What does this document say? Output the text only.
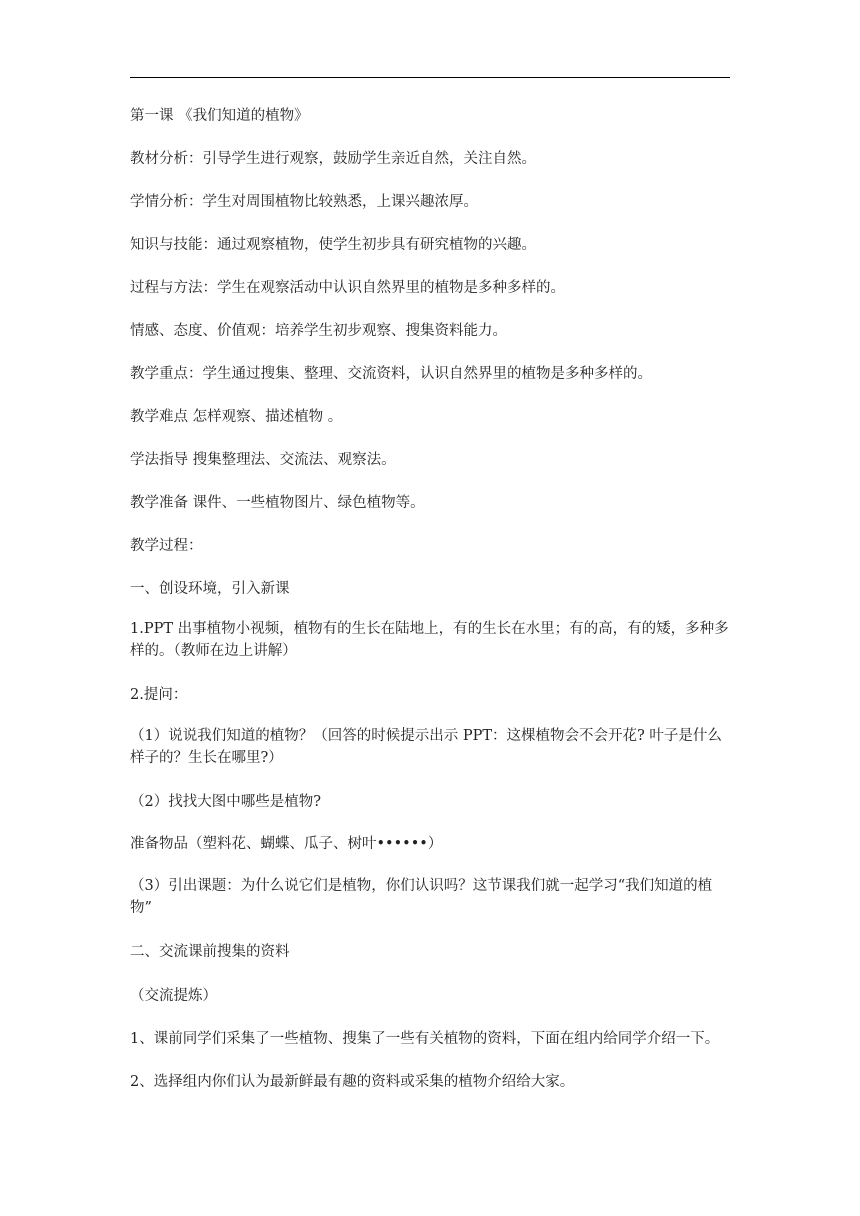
第一课 《我们知道的植物》
教材分析：引导学生进行观察，鼓励学生亲近自然，关注自然。
学情分析：学生对周围植物比较熟悉，上课兴趣浓厚。
知识与技能：通过观察植物，使学生初步具有研究植物的兴趣。
过程与方法：学生在观察活动中认识自然界里的植物是多种多样的。
情感、态度、价值观：培养学生初步观察、搜集资料能力。
教学重点：学生通过搜集、整理、交流资料，认识自然界里的植物是多种多样的。
教学难点 怎样观察、描述植物 。
学法指导 搜集整理法、交流法、观察法。
教学准备 课件、一些植物图片、绿色植物等。
教学过程：
一、创设环境，引入新课
1.PPT 出事植物小视频，植物有的生长在陆地上，有的生长在水里；有的高，有的矮，多种多样的。（教师在边上讲解）
2.提问：
（1）说说我们知道的植物？（回答的时候提示出示 PPT：这棵植物会不会开花? 叶子是什么样子的？生长在哪里?）
（2）找找大图中哪些是植物?
准备物品（塑料花、蝴蝶、瓜子、树叶••••••）
（3）引出课题：为什么说它们是植物，你们认识吗？这节课我们就一起学习“我们知道的植物”
二、交流课前搜集的资料
（交流提炼）
1、课前同学们采集了一些植物、搜集了一些有关植物的资料，下面在组内给同学介绍一下。
2、选择组内你们认为最新鲜最有趣的资料或采集的植物介绍给大家。
